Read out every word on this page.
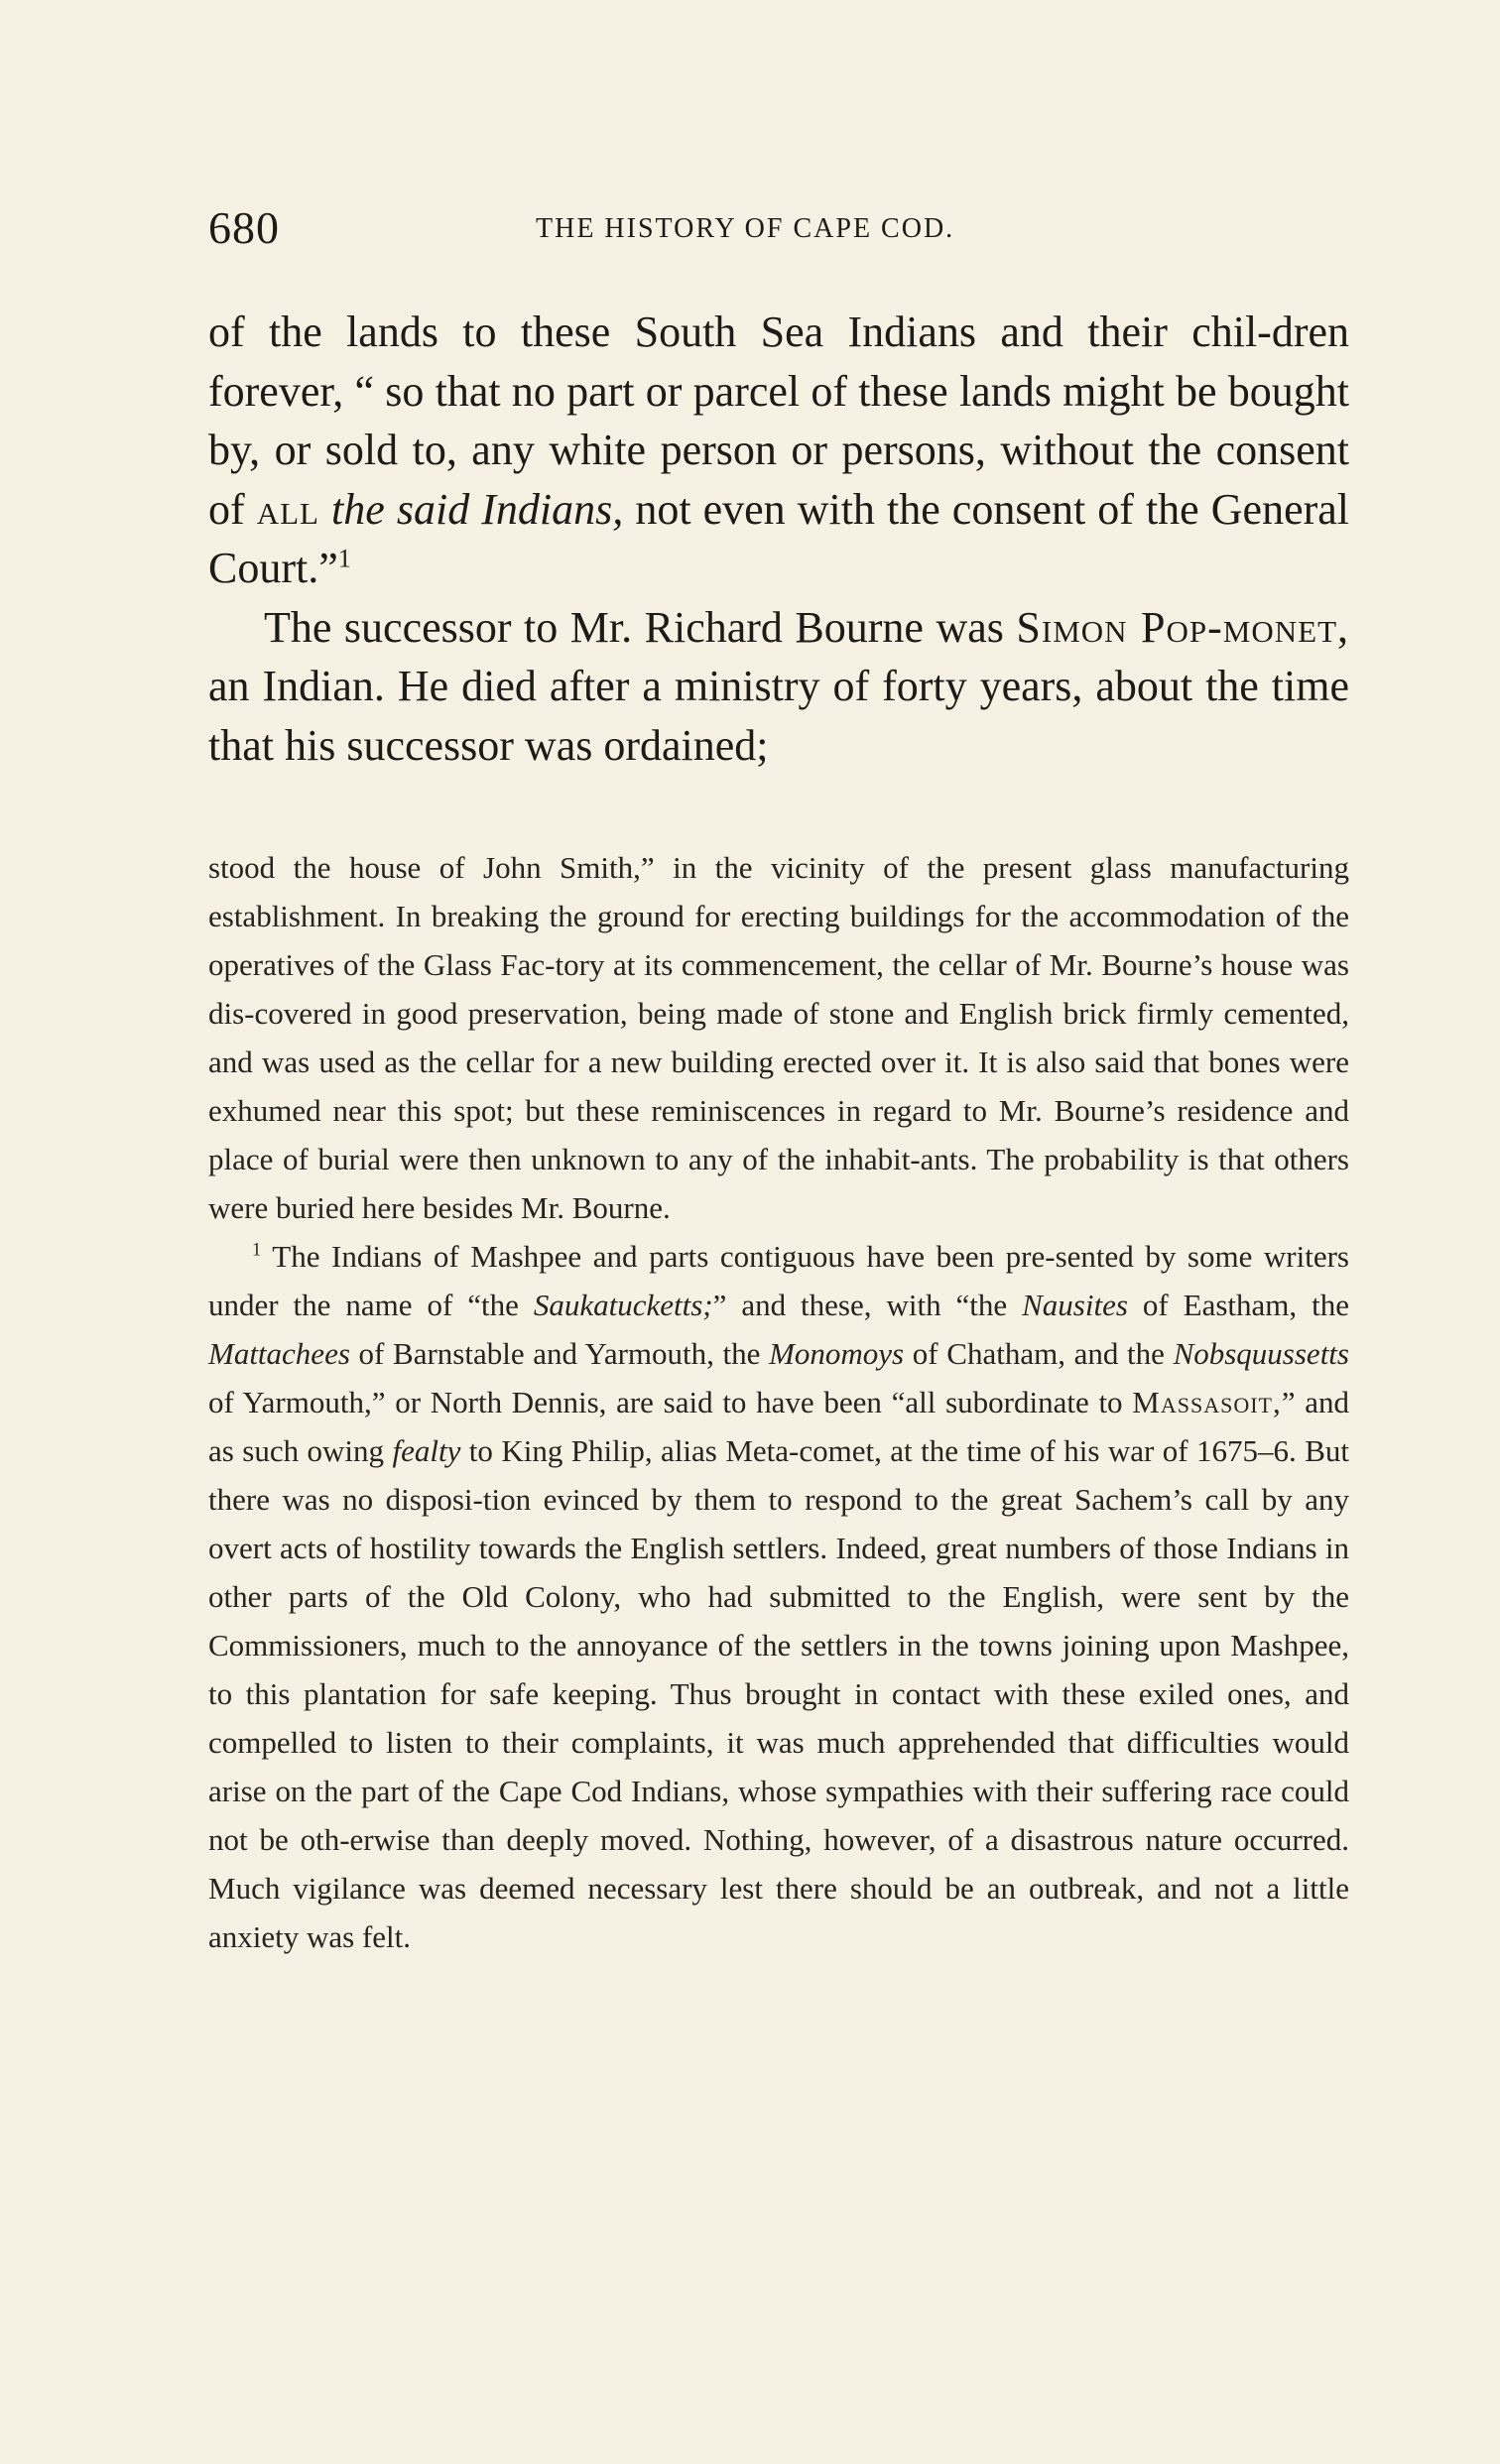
680	THE HISTORY OF CAPE COD.

of the lands to these South Sea Indians and their chil-dren forever, “ so that no part or parcel of these lands might be bought by, or sold to, any white person or persons, without the consent of all the said Indians, not even with the consent of the General Court.”$^1$

The successor to Mr. Richard Bourne was Simon Pop-monet, an Indian. He died after a ministry of forty years, about the time that his successor was ordained;

stood the house of John Smith,” in the vicinity of the present glass manufacturing establishment. In breaking the ground for erecting buildings for the accommodation of the operatives of the Glass Fac-tory at its commencement, the cellar of Mr. Bourne’s house was dis-covered in good preservation, being made of stone and English brick firmly cemented, and was used as the cellar for a new building erected over it. It is also said that bones were exhumed near this spot; but these reminiscences in regard to Mr. Bourne’s residence and place of burial were then unknown to any of the inhabit-ants. The probability is that others were buried here besides Mr. Bourne.

$^1$ The Indians of Mashpee and parts contiguous have been pre-sented by some writers under the name of “the Saukatucketts;” and these, with “the Nausites of Eastham, the Mattachees of Barnstable and Yarmouth, the Monomoys of Chatham, and the Nobsquussetts of Yarmouth,” or North Dennis, are said to have been “all subordinate to Massasoit,” and as such owing fealty to King Philip, alias Meta-comet, at the time of his war of 1675–6. But there was no disposi-tion evinced by them to respond to the great Sachem’s call by any overt acts of hostility towards the English settlers. Indeed, great numbers of those Indians in other parts of the Old Colony, who had submitted to the English, were sent by the Commissioners, much to the annoyance of the settlers in the towns joining upon Mashpee, to this plantation for safe keeping. Thus brought in contact with these exiled ones, and compelled to listen to their complaints, it was much apprehended that difficulties would arise on the part of the Cape Cod Indians, whose sympathies with their suffering race could not be oth-erwise than deeply moved. Nothing, however, of a disastrous nature occurred. Much vigilance was deemed necessary lest there should be an outbreak, and not a little anxiety was felt.
